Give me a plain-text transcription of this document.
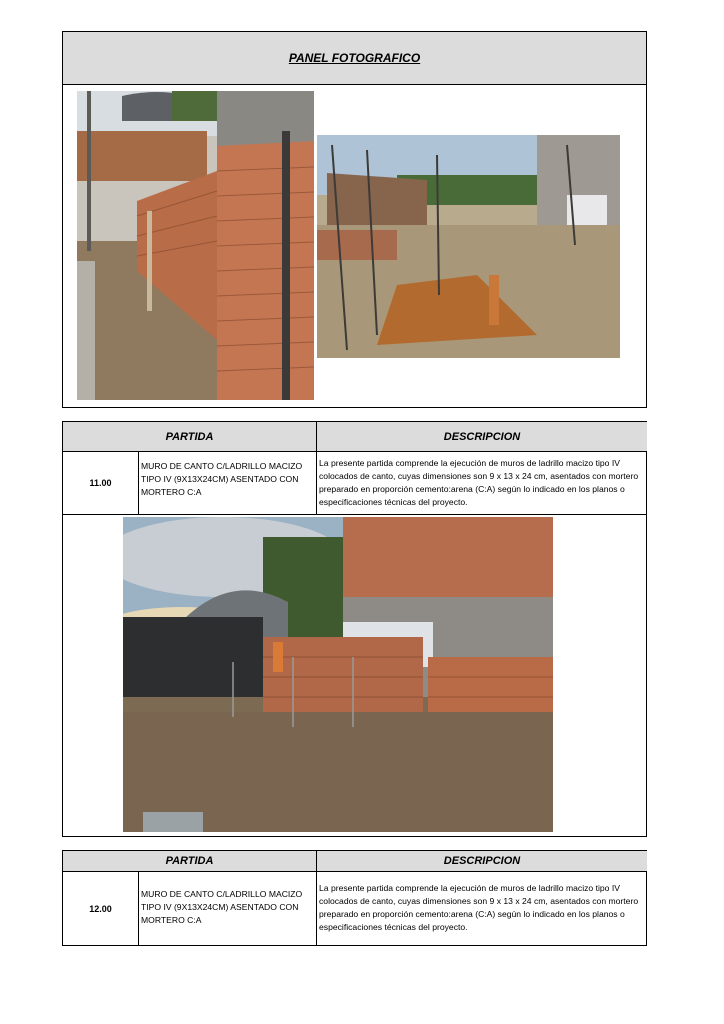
PANEL FOTOGRAFICO
PARTIDA	DESCRIPCION
11.00
MURO DE CANTO C/LADRILLO MACIZO TIPO IV (9X13X24CM) ASENTADO CON MORTERO C:A
La presente partida comprende la ejecución de muros de ladrillo macizo tipo IV colocados de canto, cuyas dimensiones son 9 x 13 x 24 cm, asentados con mortero preparado en proporción cemento:arena (C:A) según lo indicado en los planos o especificaciones técnicas del proyecto.
PARTIDA	DESCRIPCION
12.00
MURO DE CANTO C/LADRILLO MACIZO TIPO IV (9X13X24CM) ASENTADO CON MORTERO C:A
La presente partida comprende la ejecución de muros de ladrillo macizo tipo IV colocados de canto, cuyas dimensiones son 9 x 13 x 24 cm, asentados con mortero preparado en proporción cemento:arena (C:A) según lo indicado en los planos o especificaciones técnicas del proyecto.
